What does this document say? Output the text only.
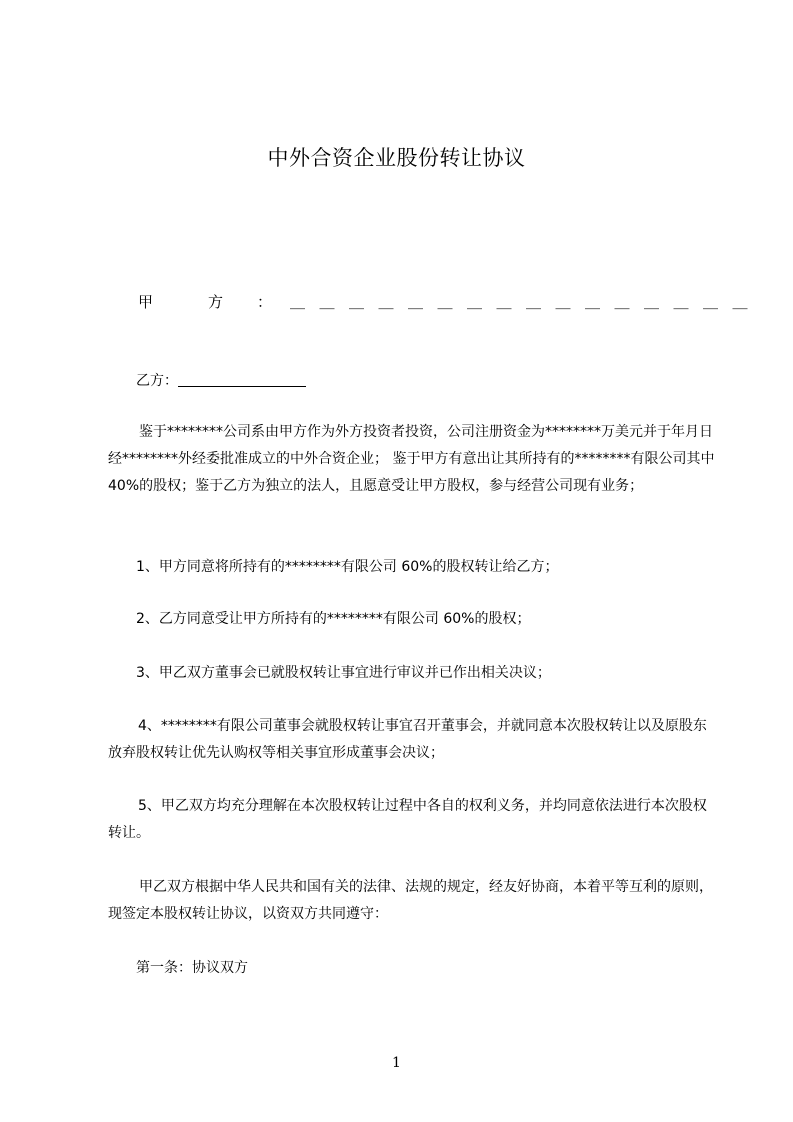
中外合资企业股份转让协议
甲　方 ： ＿＿＿＿＿＿＿＿＿＿＿＿＿＿＿＿
乙方：
鉴于********公司系由甲方作为外方投资者投资，公司注册资金为********万美元并于年月日经********外经委批准成立的中外合资企业； 鉴于甲方有意出让其所持有的********有限公司其中 40%的股权；鉴于乙方为独立的法人，且愿意受让甲方股权，参与经营公司现有业务；
1、甲方同意将所持有的********有限公司 60%的股权转让给乙方；
2、乙方同意受让甲方所持有的********有限公司 60%的股权；
3、甲乙双方董事会已就股权转让事宜进行审议并已作出相关决议；
4、********有限公司董事会就股权转让事宜召开董事会，并就同意本次股权转让以及原股东放弃股权转让优先认购权等相关事宜形成董事会决议；
5、甲乙双方均充分理解在本次股权转让过程中各自的权利义务，并均同意依法进行本次股权转让。
甲乙双方根据中华人民共和国有关的法律、法规的规定，经友好协商，本着平等互利的原则，现签定本股权转让协议，以资双方共同遵守：
第一条：协议双方
1
